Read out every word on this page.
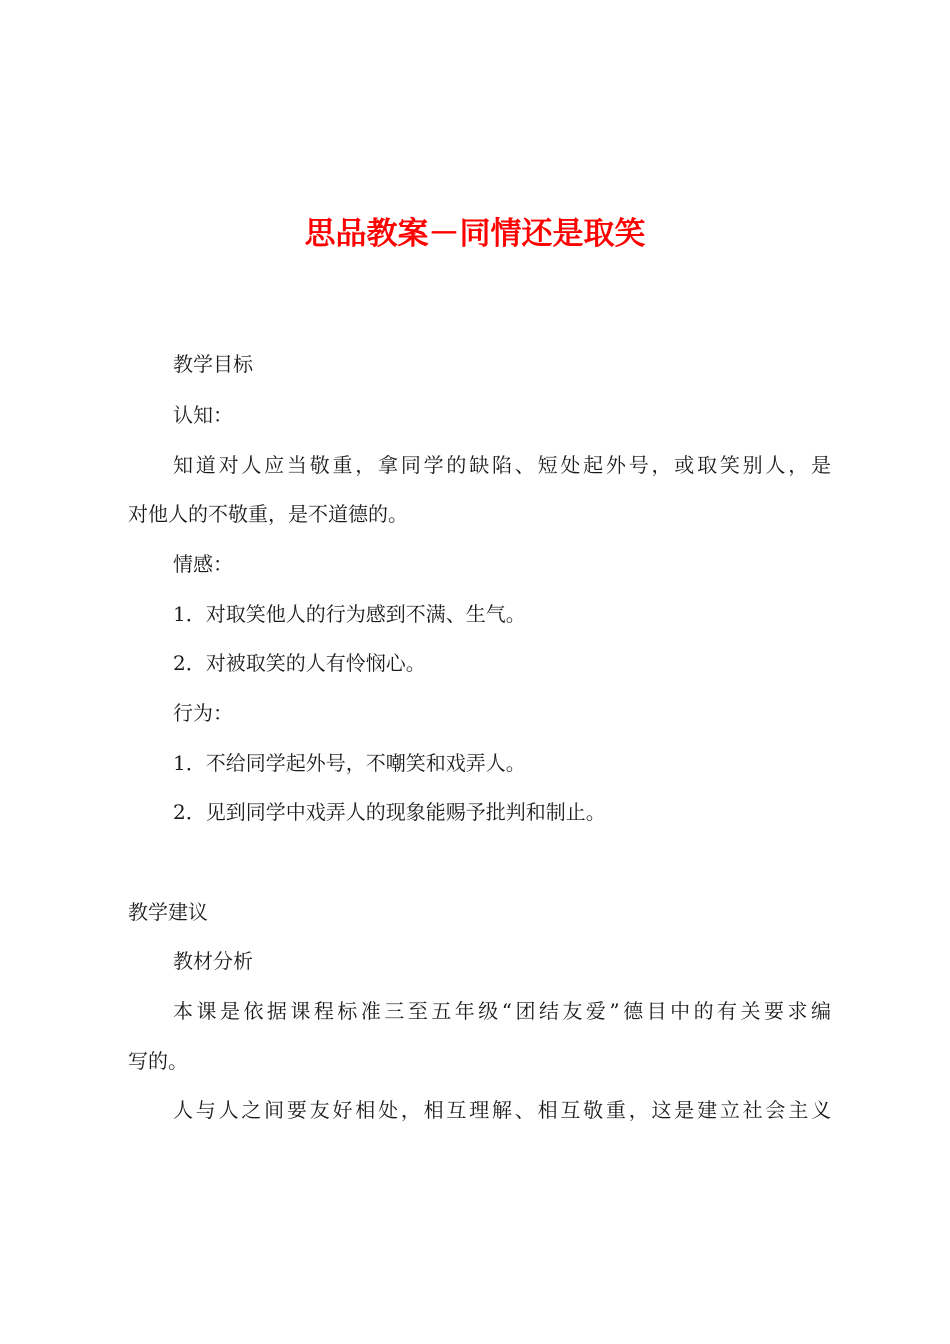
思品教案－同情还是取笑

教学目标

认知：

知道对人应当敬重，拿同学的缺陷、短处起外号，或取笑别人，是

对他人的不敬重，是不道德的。

情感：

1．对取笑他人的行为感到不满、生气。

2．对被取笑的人有怜悯心。

行为：

1．不给同学起外号，不嘲笑和戏弄人。

2．见到同学中戏弄人的现象能赐予批判和制止。

教学建议

教材分析

本课是依据课程标准三至五年级“团结友爱”德目中的有关要求编

写的。

人与人之间要友好相处，相互理解、相互敬重，这是建立社会主义
